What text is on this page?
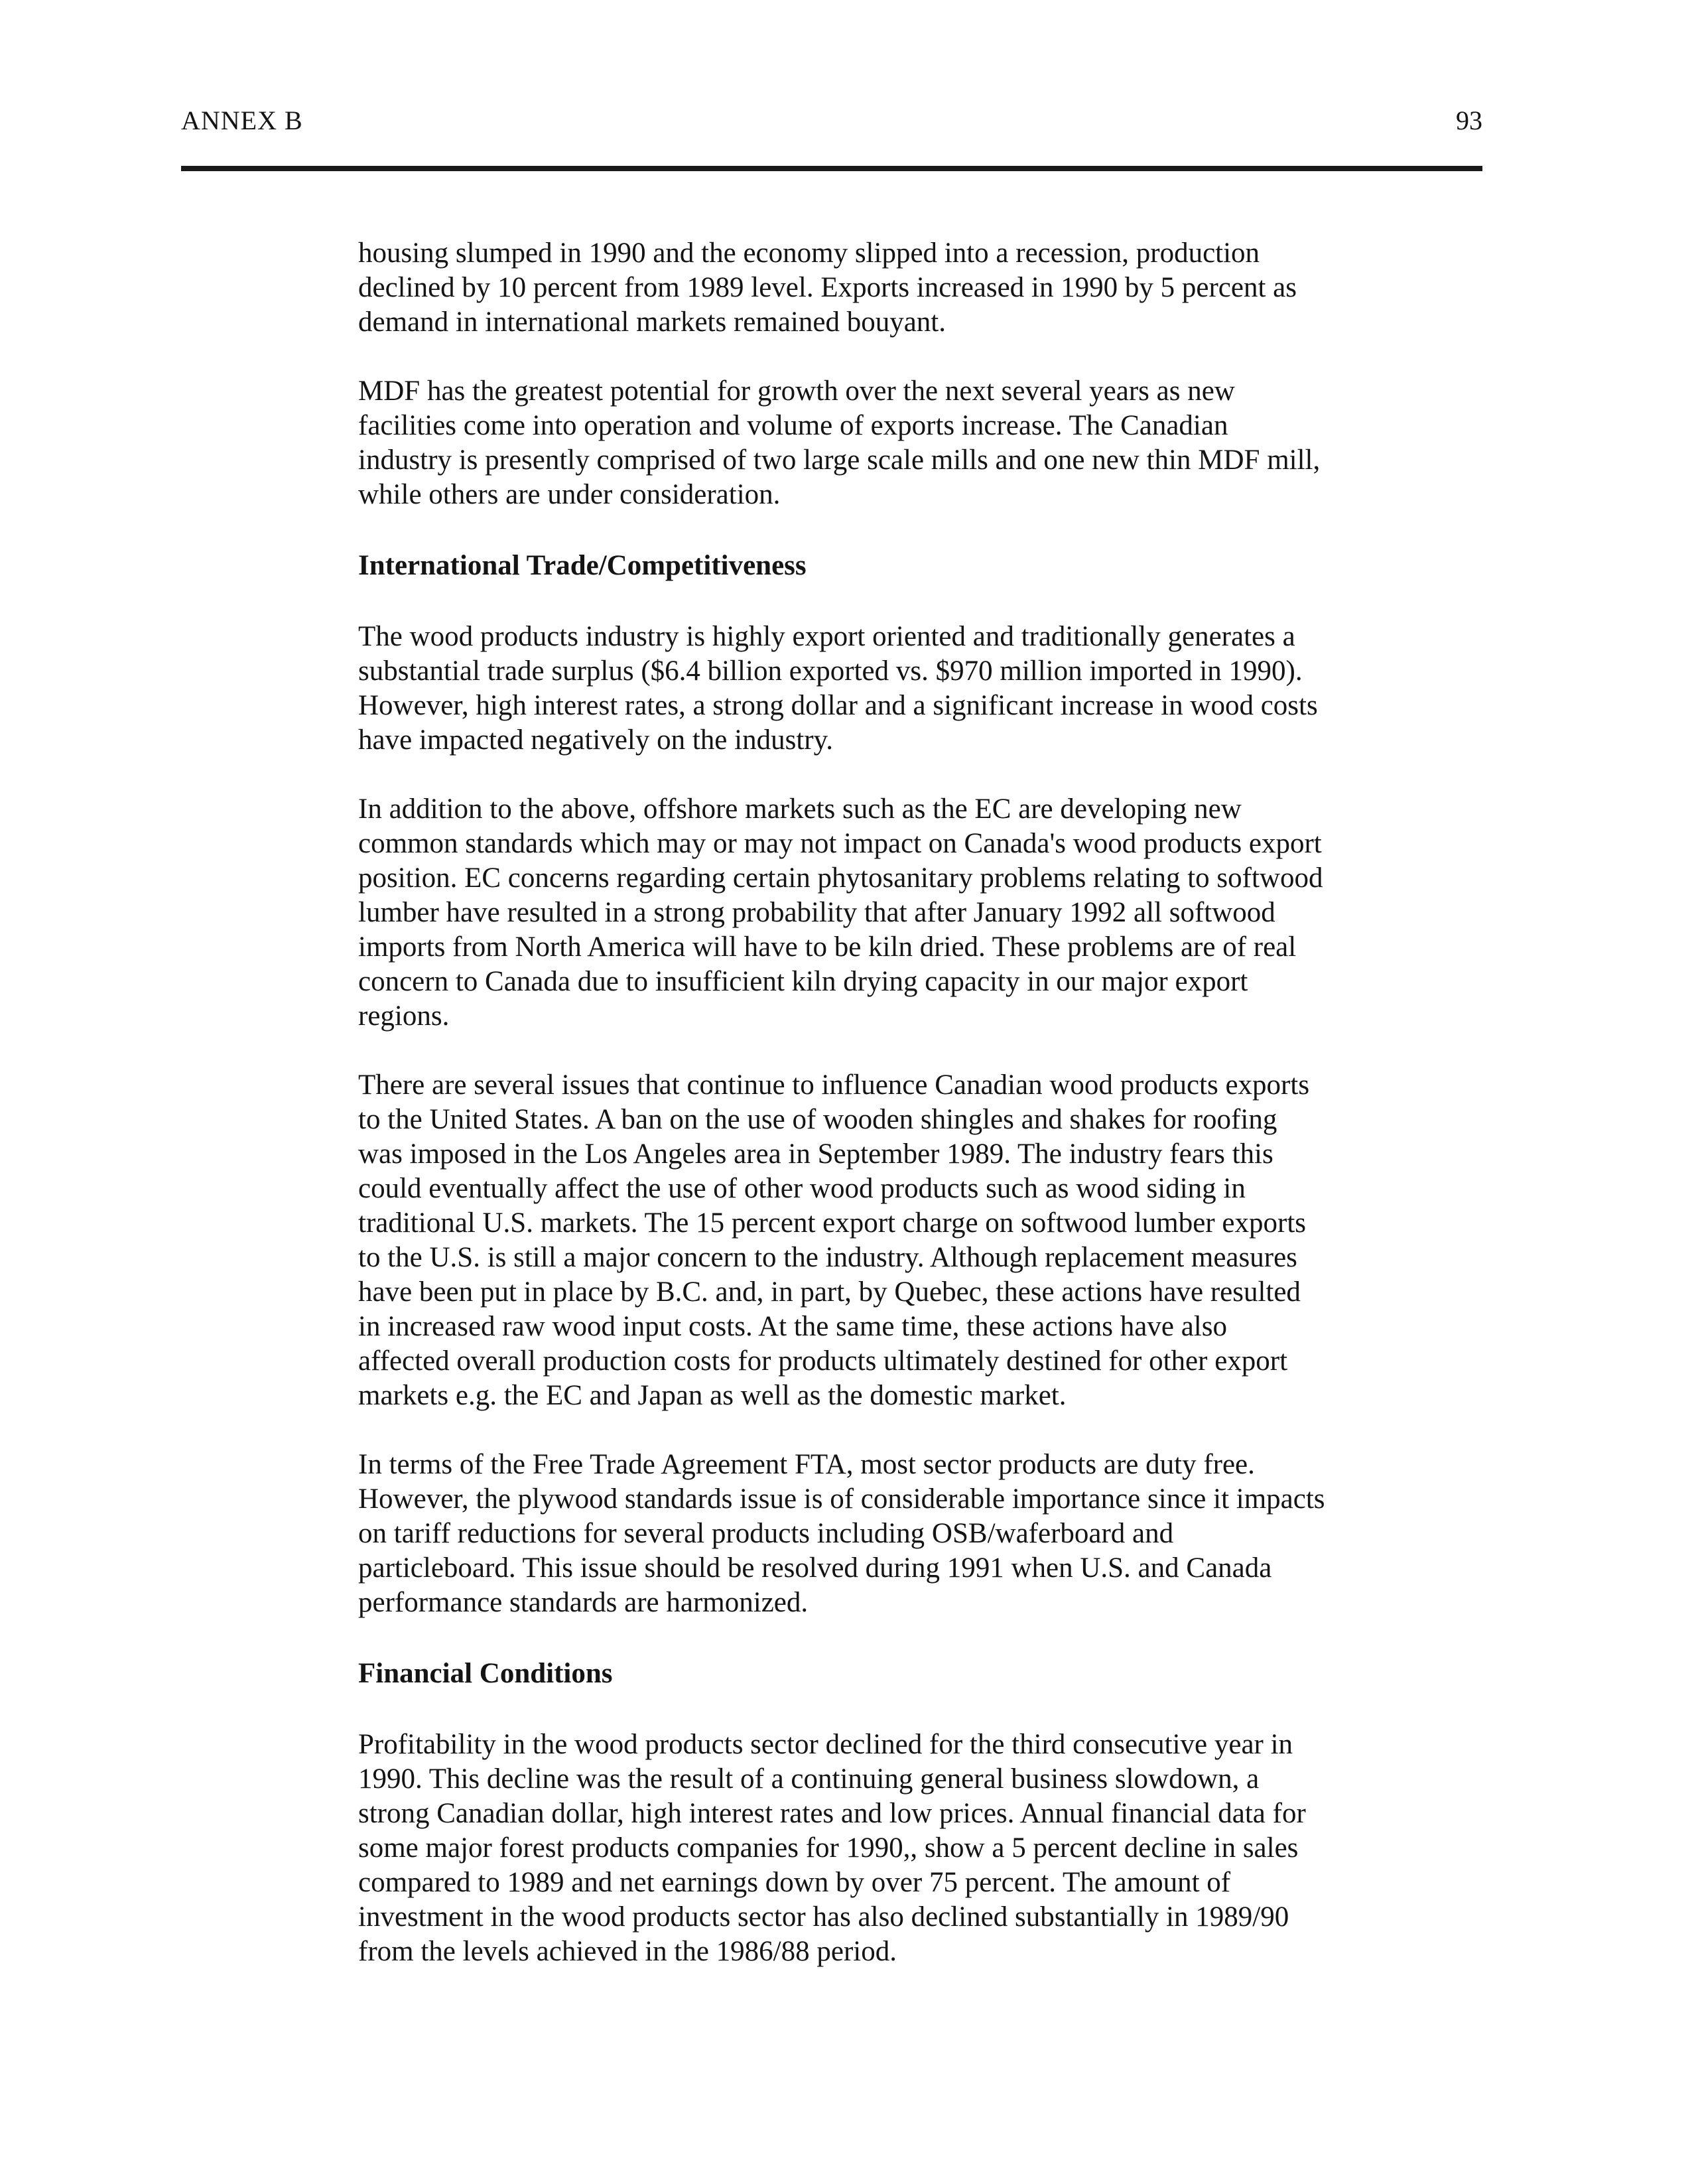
ANNEX B	93

housing slumped in 1990 and the economy slipped into a recession, production
declined by 10 percent from 1989 level. Exports increased in 1990 by 5 percent as
demand in international markets remained bouyant.

MDF has the greatest potential for growth over the next several years as new
facilities come into operation and volume of exports increase. The Canadian
industry is presently comprised of two large scale mills and one new thin MDF mill,
while others are under consideration.

International Trade/Competitiveness

The wood products industry is highly export oriented and traditionally generates a
substantial trade surplus ($6.4 billion exported vs. $970 million imported in 1990).
However, high interest rates, a strong dollar and a significant increase in wood costs
have impacted negatively on the industry.

In addition to the above, offshore markets such as the EC are developing new
common standards which may or may not impact on Canada's wood products export
position. EC concerns regarding certain phytosanitary problems relating to softwood
lumber have resulted in a strong probability that after January 1992 all softwood
imports from North America will have to be kiln dried. These problems are of real
concern to Canada due to insufficient kiln drying capacity in our major export
regions.

There are several issues that continue to influence Canadian wood products exports
to the United States. A ban on the use of wooden shingles and shakes for roofing
was imposed in the Los Angeles area in September 1989. The industry fears this
could eventually affect the use of other wood products such as wood siding in
traditional U.S. markets. The 15 percent export charge on softwood lumber exports
to the U.S. is still a major concern to the industry. Although replacement measures
have been put in place by B.C. and, in part, by Quebec, these actions have resulted
in increased raw wood input costs. At the same time, these actions have also
affected overall production costs for products ultimately destined for other export
markets e.g. the EC and Japan as well as the domestic market.

In terms of the Free Trade Agreement FTA, most sector products are duty free.
However, the plywood standards issue is of considerable importance since it impacts
on tariff reductions for several products including OSB/waferboard and
particleboard. This issue should be resolved during 1991 when U.S. and Canada
performance standards are harmonized.

Financial Conditions

Profitability in the wood products sector declined for the third consecutive year in
1990. This decline was the result of a continuing general business slowdown, a
strong Canadian dollar, high interest rates and low prices. Annual financial data for
some major forest products companies for 1990,, show a 5 percent decline in sales
compared to 1989 and net earnings down by over 75 percent. The amount of
investment in the wood products sector has also declined substantially in 1989/90
from the levels achieved in the 1986/88 period.
